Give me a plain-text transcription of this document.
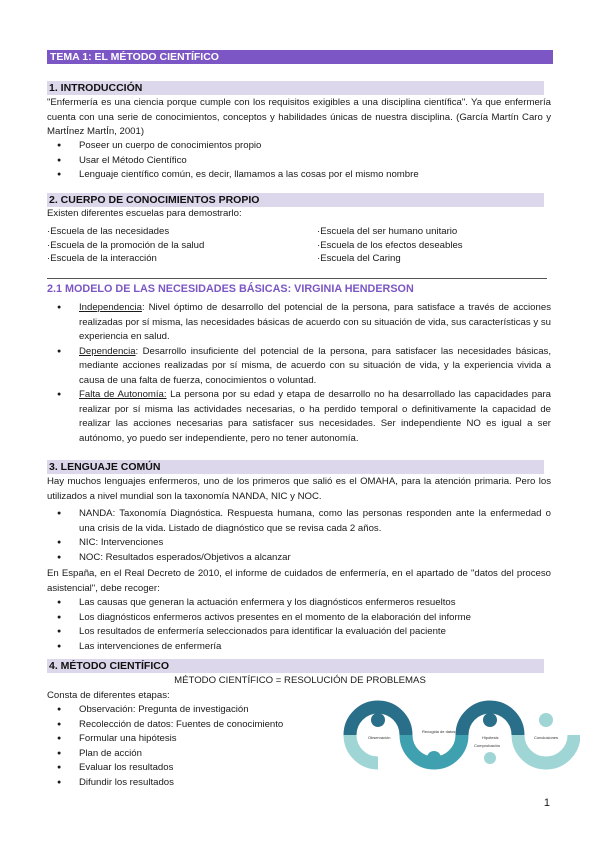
TEMA 1: EL MÉTODO CIENTÍFICO
1. INTRODUCCIÓN
"Enfermería es una ciencia porque cumple con los requisitos exigibles a una disciplina científica". Ya que enfermería cuenta con una serie de conocimientos, conceptos y habilidades únicas de nuestra disciplina. (García Martín Caro y MartÍnez MartÍn, 2001)
● Poseer un cuerpo de conocimientos propio
● Usar el Método Científico
● Lenguaje científico común, es decir, llamamos a las cosas por el mismo nombre
2. CUERPO DE CONOCIMIENTOS PROPIO
Existen diferentes escuelas para demostrarlo:
· Escuela de las necesidades
· Escuela de la promoción de la salud
· Escuela de la interacción
· Escuela del ser humano unitario
· Escuela de los efectos deseables
· Escuela del Caring
2.1 MODELO DE LAS NECESIDADES BÁSICAS: VIRGINIA HENDERSON
● Independencia: Nivel óptimo de desarrollo del potencial de la persona, para satisface a través de acciones realizadas por sí misma, las necesidades básicas de acuerdo con su situación de vida, sus características y su experiencia en salud.
● Dependencia: Desarrollo insuficiente del potencial de la persona, para satisfacer las necesidades básicas, mediante acciones realizadas por sí misma, de acuerdo con su situación de vida, y la experiencia vivida a causa de una falta de fuerza, conocimientos o voluntad.
● Falta de Autonomía: La persona por su edad y etapa de desarrollo no ha desarrollado las capacidades para realizar por sí misma las actividades necesarias, o ha perdido temporal o definitivamente la capacidad de realizar las acciones necesarias para satisfacer sus necesidades. Ser independiente NO es igual a ser autónomo, yo puedo ser independiente, pero no tener autonomía.
3. LENGUAJE COMÚN
Hay muchos lenguajes enfermeros, uno de los primeros que salió es el OMAHA, para la atención primaria. Pero los utilizados a nivel mundial son la taxonomía NANDA, NIC y NOC.
● NANDA: Taxonomía Diagnóstica. Respuesta humana, como las personas responden ante la enfermedad o una crisis de la vida. Listado de diagnóstico que se revisa cada 2 años.
● NIC: Intervenciones
● NOC: Resultados esperados/Objetivos a alcanzar
En España, en el Real Decreto de 2010, el informe de cuidados de enfermería, en el apartado de "datos del proceso asistencial", debe recoger:
● Las causas que generan la actuación enfermera y los diagnósticos enfermeros resueltos
● Los diagnósticos enfermeros activos presentes en el momento de la elaboración del informe
● Los resultados de enfermería seleccionados para identificar la evaluación del paciente
● Las intervenciones de enfermería
4. MÉTODO CIENTÍFICO
MÉTODO CIENTÍFICO = RESOLUCIÓN DE PROBLEMAS
Consta de diferentes etapas:
● Observación: Pregunta de investigación
● Recolección de datos: Fuentes de conocimiento
● Formular una hipótesis
● Plan de acción
● Evaluar los resultados
● Difundir los resultados
Observación
Recogida de datos
Hipótesis
Comprobación
Conclusiones
1
